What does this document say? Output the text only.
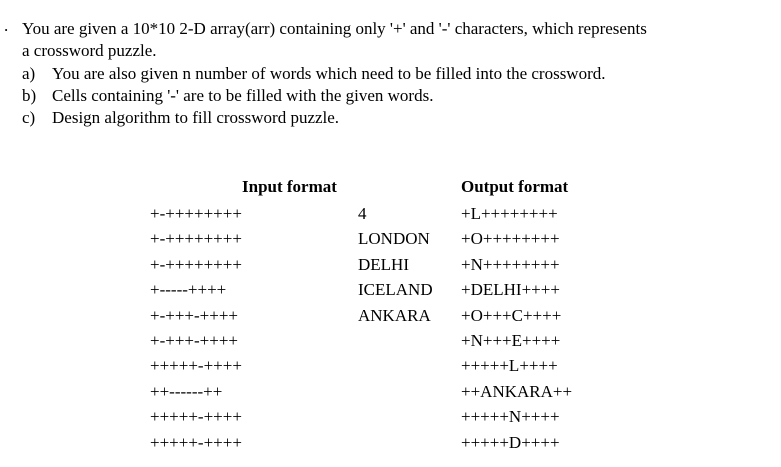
. You are given a 10*10 2-D array(arr) containing only '+' and '-' characters, which represents
a crossword puzzle.
a) You are also given n number of words which need to be filled into the crossword.
b) Cells containing '-' are to be filled with the given words.
c) Design algorithm to fill crossword puzzle.
Input format	Output format
+-++++++++
+-++++++++
+-++++++++
+-----++++
+-+++-++++
+-+++-++++
+++++-++++
++------++
+++++-++++
+++++-++++
4
LONDON
DELHI
ICELAND
ANKARA
+L++++++++
+O++++++++
+N++++++++
+DELHI++++
+O+++C++++
+N+++E++++
+++++L++++
++ANKARA++
+++++N++++
+++++D++++
